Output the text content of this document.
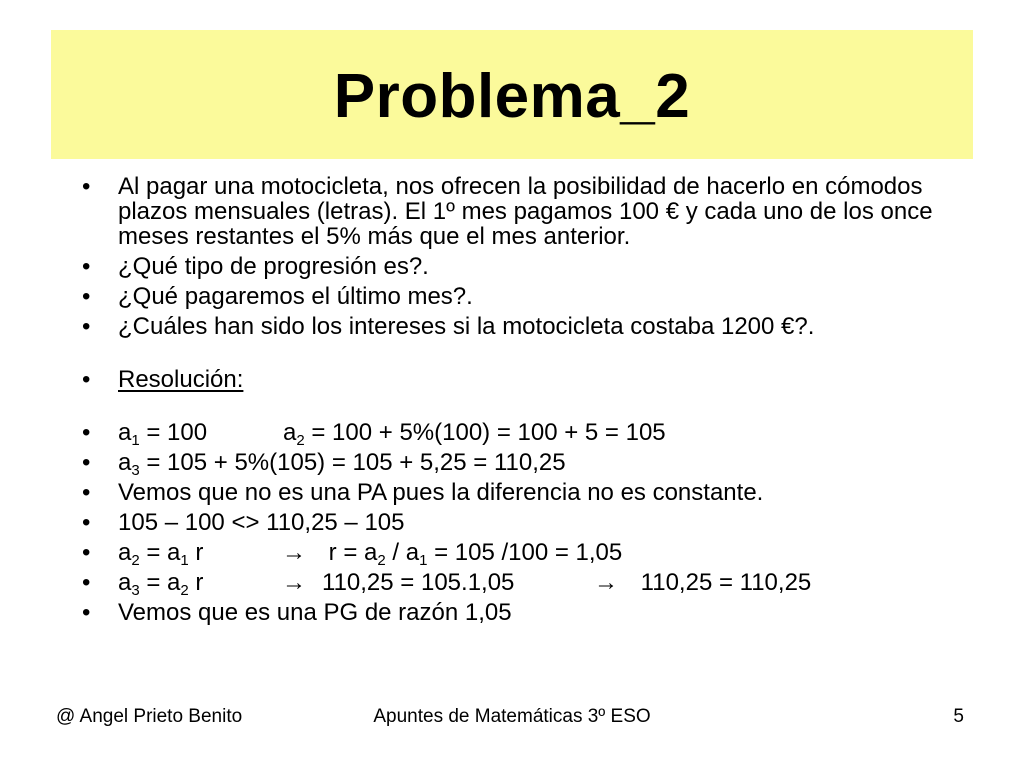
Problema_2
•	Al pagar una motocicleta, nos ofrecen la posibilidad de hacerlo en cómodos plazos mensuales (letras). El 1º mes pagamos 100 € y cada uno de los once meses restantes el 5% más que el mes anterior.
•	¿Qué tipo de progresión es?.
•	¿Qué pagaremos el último mes?.
•	¿Cuáles han sido los intereses si la motocicleta costaba 1200 €?.
•	Resolución:
•	$a_1 = 100$	$a_2 = 100 + 5\%(100) = 100 + 5 = 105$
•	$a_3 = 105 + 5\%(105) = 105 + 5,25 = 110,25$
•	Vemos que no es una PA pues la diferencia no es constante.
•	105 – 100 <> 110,25 – 105
•	$a_2 = a_1$ r	→ $r = a_2 / a_1 = 105$ /100 = 1,05
•	$a_3 = a_2$ r	→110,25 = 105.1,05	→ 110,25 = 110,25
•	Vemos que es una PG de razón 1,05
@ Angel Prieto Benito	Apuntes de Matemáticas 3º ESO	5
